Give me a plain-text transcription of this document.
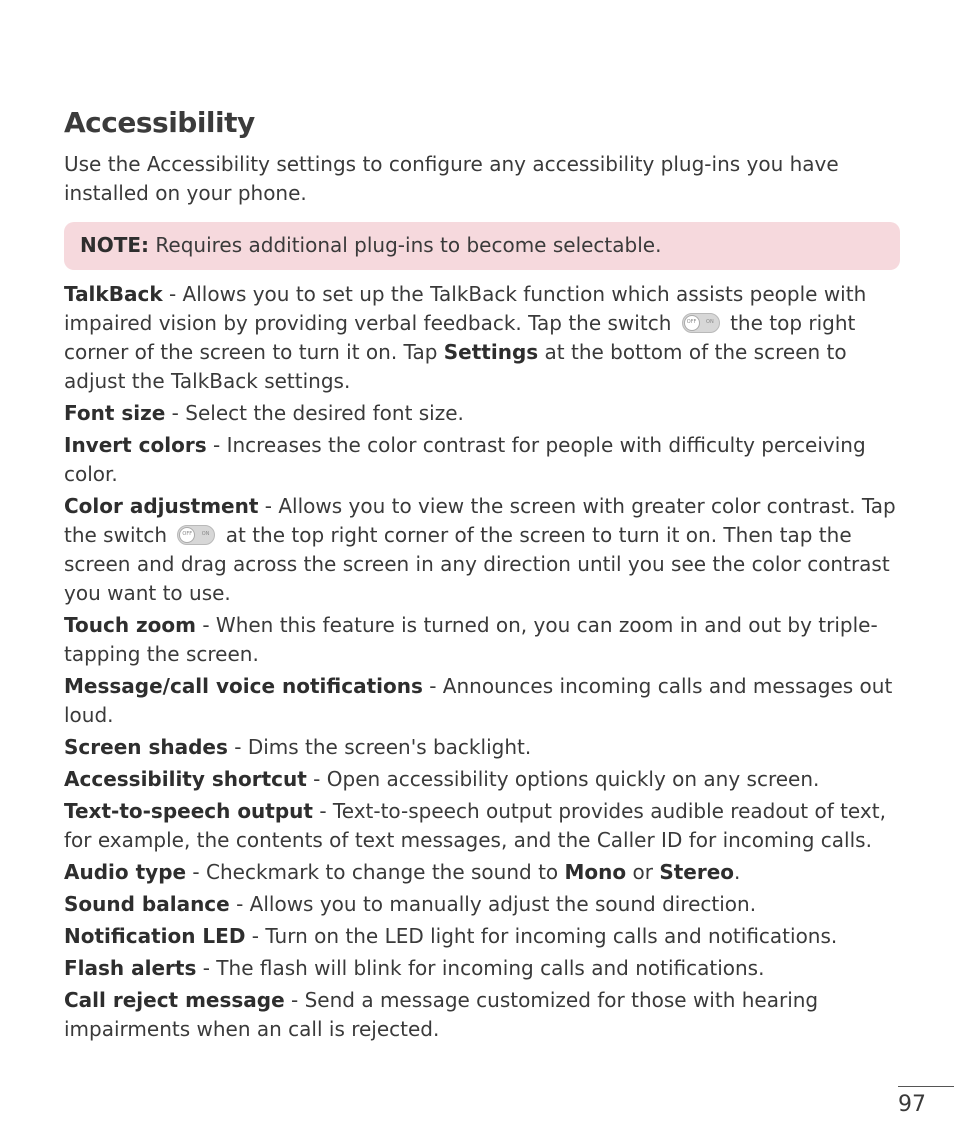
Accessibility

Use the Accessibility settings to configure any accessibility plug-ins you have installed on your phone.

NOTE: Requires additional plug-ins to become selectable.
TalkBack - Allows you to set up the TalkBack function which assists people with impaired vision by providing verbal feedback. Tap the switch	OFF ON the top right corner of the screen to turn it on. Tap Settings at the bottom of the screen to adjust the TalkBack settings.
Font size - Select the desired font size.
Invert colors - Increases the color contrast for people with difficulty perceiving color.
Color adjustment - Allows you to view the screen with greater color contrast. Tap the switch	OFF ON at the top right corner of the screen to turn it on. Then tap the screen and drag across the screen in any direction until you see the color contrast you want to use.
Touch zoom - When this feature is turned on, you can zoom in and out by triple-tapping the screen.
Message/call voice notifications - Announces incoming calls and messages out loud.
Screen shades - Dims the screen's backlight.
Accessibility shortcut - Open accessibility options quickly on any screen.
Text-to-speech output - Text-to-speech output provides audible readout of text, for example, the contents of text messages, and the Caller ID for incoming calls.
Audio type - Checkmark to change the sound to Mono or Stereo.
Sound balance - Allows you to manually adjust the sound direction.
Notification LED - Turn on the LED light for incoming calls and notifications.
Flash alerts - The flash will blink for incoming calls and notifications.
Call reject message - Send a message customized for those with hearing impairments when an call is rejected.
97
